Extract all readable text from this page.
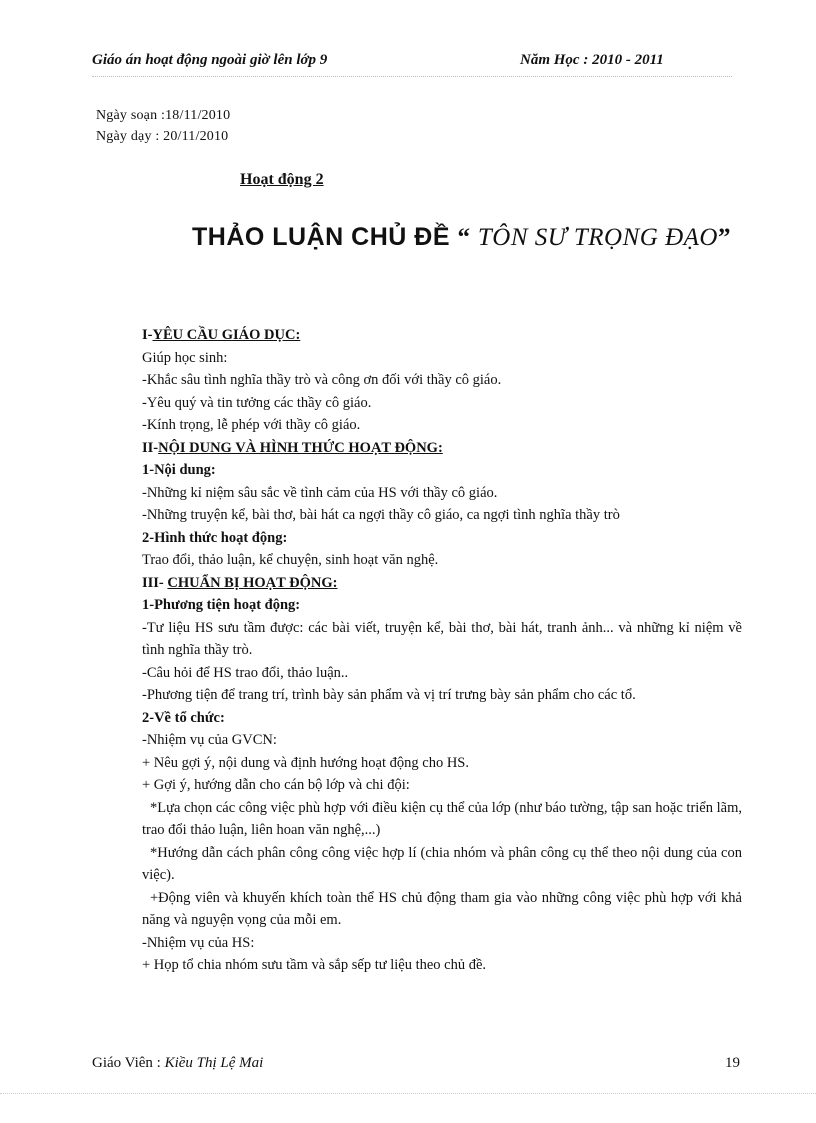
Giáo án hoạt động ngoài giờ lên lớp 9	Năm Học : 2010 - 2011
Ngày soạn :18/11/2010
Ngày dạy : 20/11/2010
Hoạt động 2
THẢO LUẬN CHỦ ĐỀ “ TÔN SƯ TRỌNG ĐẠO”
I-YÊU CẦU GIÁO DỤC:
Giúp học sinh:
-Khắc sâu tình nghĩa thầy trò và công ơn đối với thầy cô giáo.
-Yêu quý và tin tưởng các thầy cô giáo.
-Kính trọng, lễ phép với thầy cô giáo.
II-NỘI DUNG VÀ HÌNH THỨC HOẠT ĐỘNG:
1-Nội dung:
-Những kỉ niệm sâu sắc về tình cảm của HS với thầy cô giáo.
-Những truyện kể, bài thơ, bài hát ca ngợi thầy cô giáo, ca ngợi tình nghĩa thầy trò
2-Hình thức hoạt động:
Trao đổi, thảo luận, kể chuyện, sinh hoạt văn nghệ.
III- CHUẨN BỊ HOẠT ĐỘNG:
1-Phương tiện hoạt động:
-Tư liệu HS sưu tầm được: các bài viết, truyện kể, bài thơ, bài hát, tranh ảnh... và những kỉ niệm về tình nghĩa thầy trò.
-Câu hỏi để HS trao đổi, thảo luận..
-Phương tiện để trang trí, trình bày sản phẩm và vị trí trưng bày sản phẩm cho các tổ.
2-Về tổ chức:
-Nhiệm vụ của GVCN:
+ Nêu gợi ý, nội dung và định hướng hoạt động cho HS.
+ Gợi ý, hướng dẫn cho cán bộ lớp và chi đội:
*Lựa chọn các công việc phù hợp với điều kiện cụ thể của lớp (như báo tường, tập san hoặc triển lãm, trao đổi thảo luận, liên hoan văn nghệ,...)
*Hướng dẫn cách phân công công việc hợp lí (chia nhóm và phân công cụ thể theo nội dung của con việc).
+Động viên và khuyến khích toàn thể HS chủ động tham gia vào những công việc phù hợp với khả năng và nguyện vọng của mỗi em.
-Nhiệm vụ của HS:
+ Họp tổ chia nhóm sưu tầm và sắp sếp tư liệu theo chủ đề.
Giáo Viên : Kiều Thị Lệ Mai	19
